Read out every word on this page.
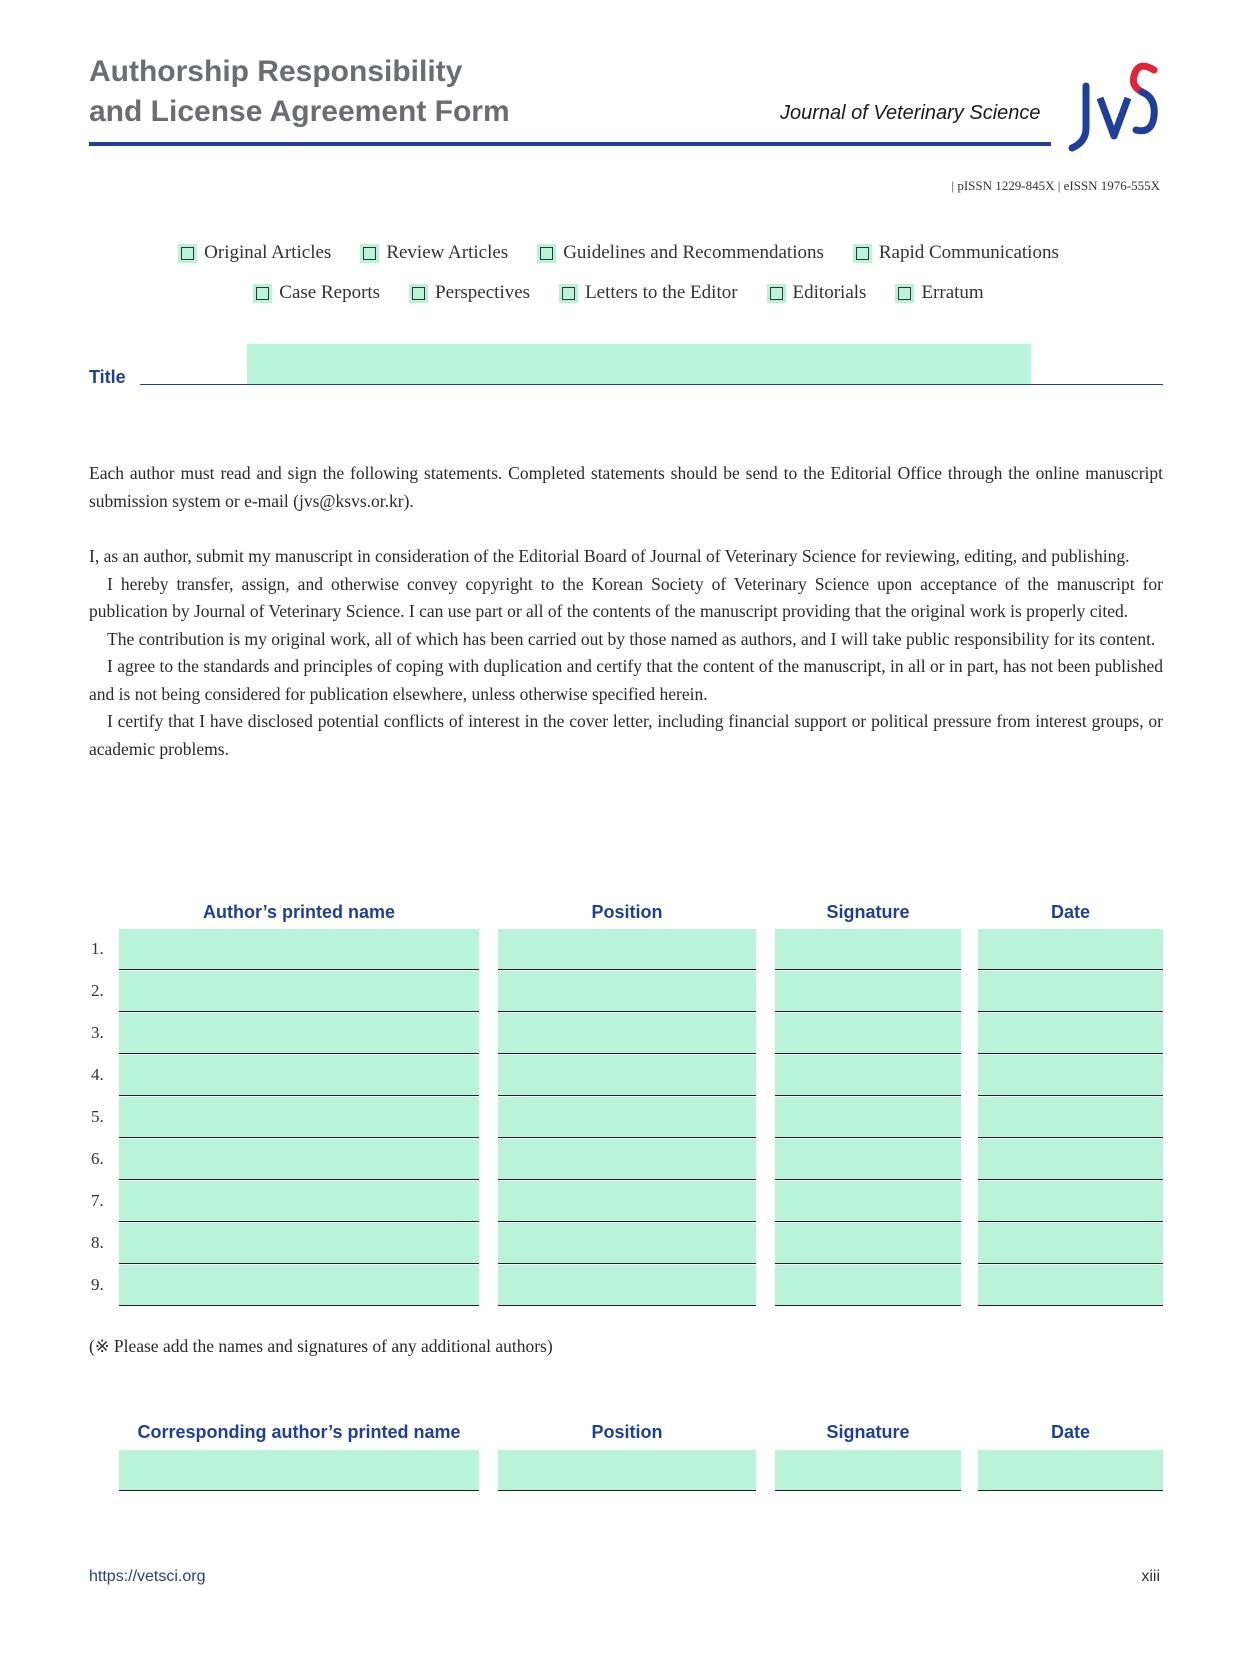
Authorship Responsibility
and License Agreement Form	Journal of Veterinary Science
| pISSN 1229-845X | eISSN 1976-555X
Original Articles	Review Articles	Guidelines and Recommendations	Rapid Communications
Case Reports	Perspectives	Letters to the Editor	Editorials	Erratum
Title

Each author must read and sign the following statements. Completed statements should be send to the Editorial Office through the online manuscript submission system or e-mail (jvs@ksvs.or.kr).

I, as an author, submit my manuscript in consideration of the Editorial Board of Journal of Veterinary Science for reviewing, editing, and publishing.

I hereby transfer, assign, and otherwise convey copyright to the Korean Society of Veterinary Science upon acceptance of the manuscript for publication by Journal of Veterinary Science. I can use part or all of the contents of the manuscript providing that the original work is properly cited.

The contribution is my original work, all of which has been carried out by those named as authors, and I will take public responsibility for its content.

I agree to the standards and principles of coping with duplication and certify that the content of the manuscript, in all or in part, has not been published and is not being considered for publication elsewhere, unless otherwise specified herein.

I certify that I have disclosed potential conflicts of interest in the cover letter, including financial support or political pressure from interest groups, or academic problems.

Author’s printed name	Position	Signature	Date
1.
2.
3.
4.
5.
6.
7.
8.
9.
(※ Please add the names and signatures of any additional authors)
Corresponding author’s printed name	Position	Signature	Date
https://vetsci.org	xiii
